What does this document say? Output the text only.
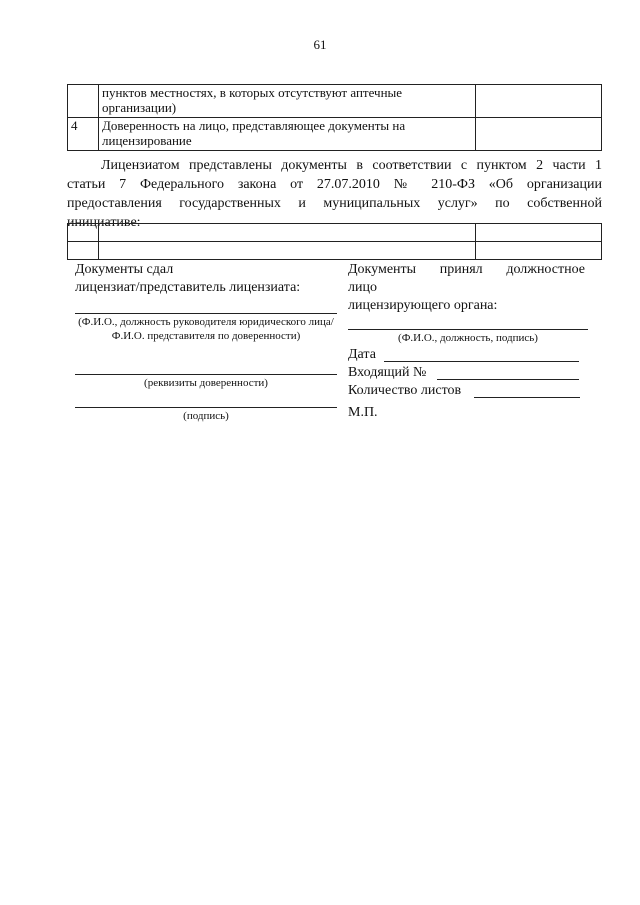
61

	пунктов местностях, в которых отсутствуют аптечные
организации)	

4	Доверенность на лицо, представляющее документы на
лицензирование	

Лицензиатом представлены документы в соответствии с пунктом 2 части 1
статьи 7 Федерального закона от 27.07.2010 № 210-ФЗ «Об организации
предоставления государственных и муниципальных услуг» по собственной
инициативе:

Документы сдал
лицензиат/представитель лицензиата:
(Ф.И.О., должность руководителя юридического лица/Ф.И.О. представителя по доверенности)
(реквизиты доверенности)
(подпись)
Документы принял должностное
лицо
лицензирующего органа:
(Ф.И.О., должность, подпись)
Дата
Входящий №
Количество листов
М.П.
